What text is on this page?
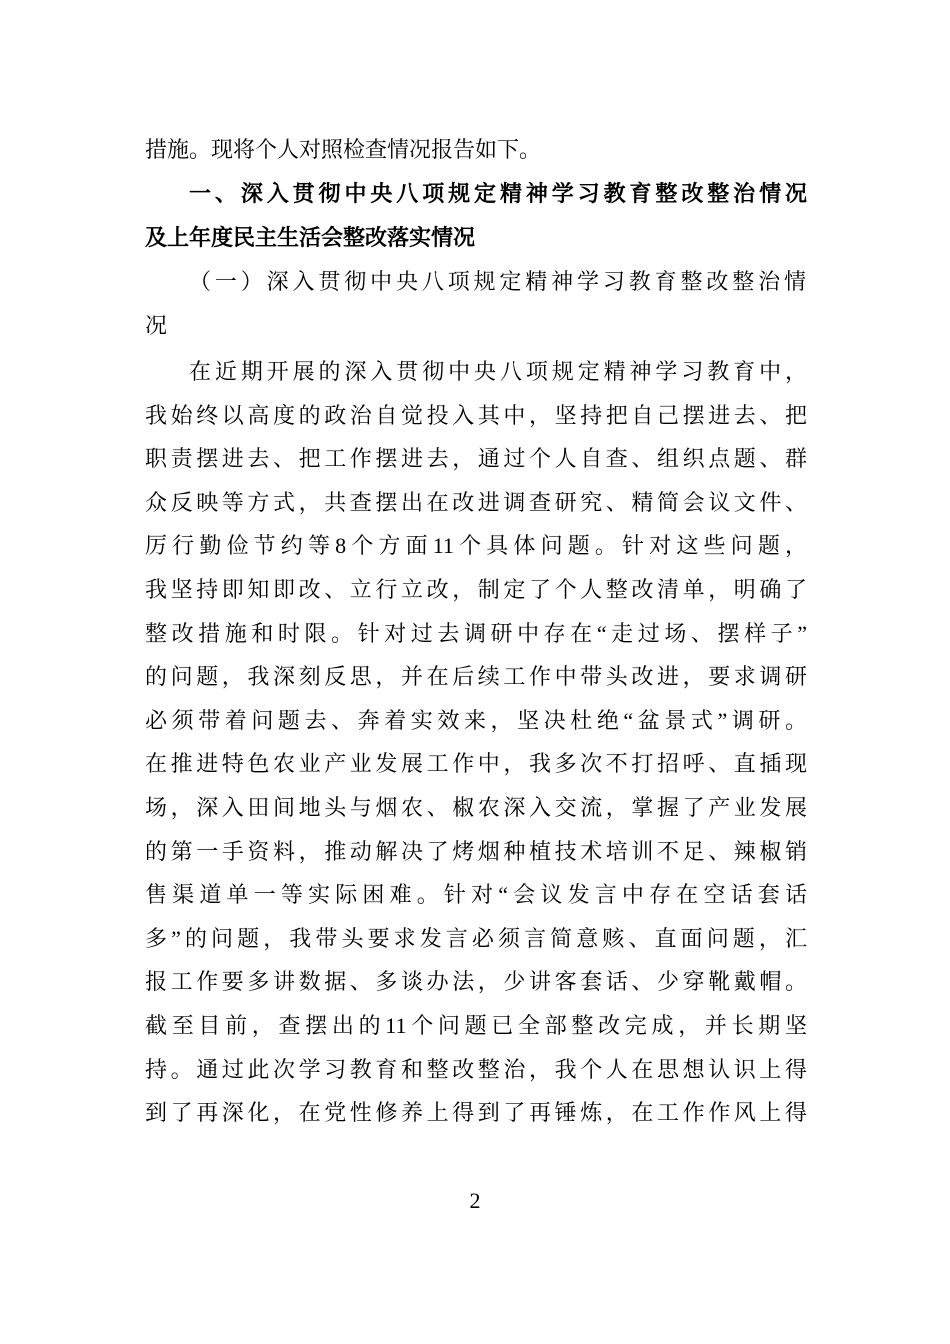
措施。现将个人对照检查情况报告如下。
一、深入贯彻中央八项规定精神学习教育整改整治情况
及上年度民主生活会整改落实情况
（一）深入贯彻中央八项规定精神学习教育整改整治情
况
在近期开展的深入贯彻中央八项规定精神学习教育中，
我始终以高度的政治自觉投入其中，坚持把自己摆进去、把
职责摆进去、把工作摆进去，通过个人自查、组织点题、群
众反映等方式，共查摆出在改进调查研究、精简会议文件、
厉行勤俭节约等8个方面11个具体问题。针对这些问题，
我坚持即知即改、立行立改，制定了个人整改清单，明确了
整改措施和时限。针对过去调研中存在“走过场、摆样子”
的问题，我深刻反思，并在后续工作中带头改进，要求调研
必须带着问题去、奔着实效来，坚决杜绝“盆景式”调研。
在推进特色农业产业发展工作中，我多次不打招呼、直插现
场，深入田间地头与烟农、椒农深入交流，掌握了产业发展
的第一手资料，推动解决了烤烟种植技术培训不足、辣椒销
售渠道单一等实际困难。针对“会议发言中存在空话套话
多”的问题，我带头要求发言必须言简意赅、直面问题，汇
报工作要多讲数据、多谈办法，少讲客套话、少穿靴戴帽。
截至目前，查摆出的11个问题已全部整改完成，并长期坚
持。通过此次学习教育和整改整治，我个人在思想认识上得
到了再深化，在党性修养上得到了再锤炼，在工作作风上得
2
